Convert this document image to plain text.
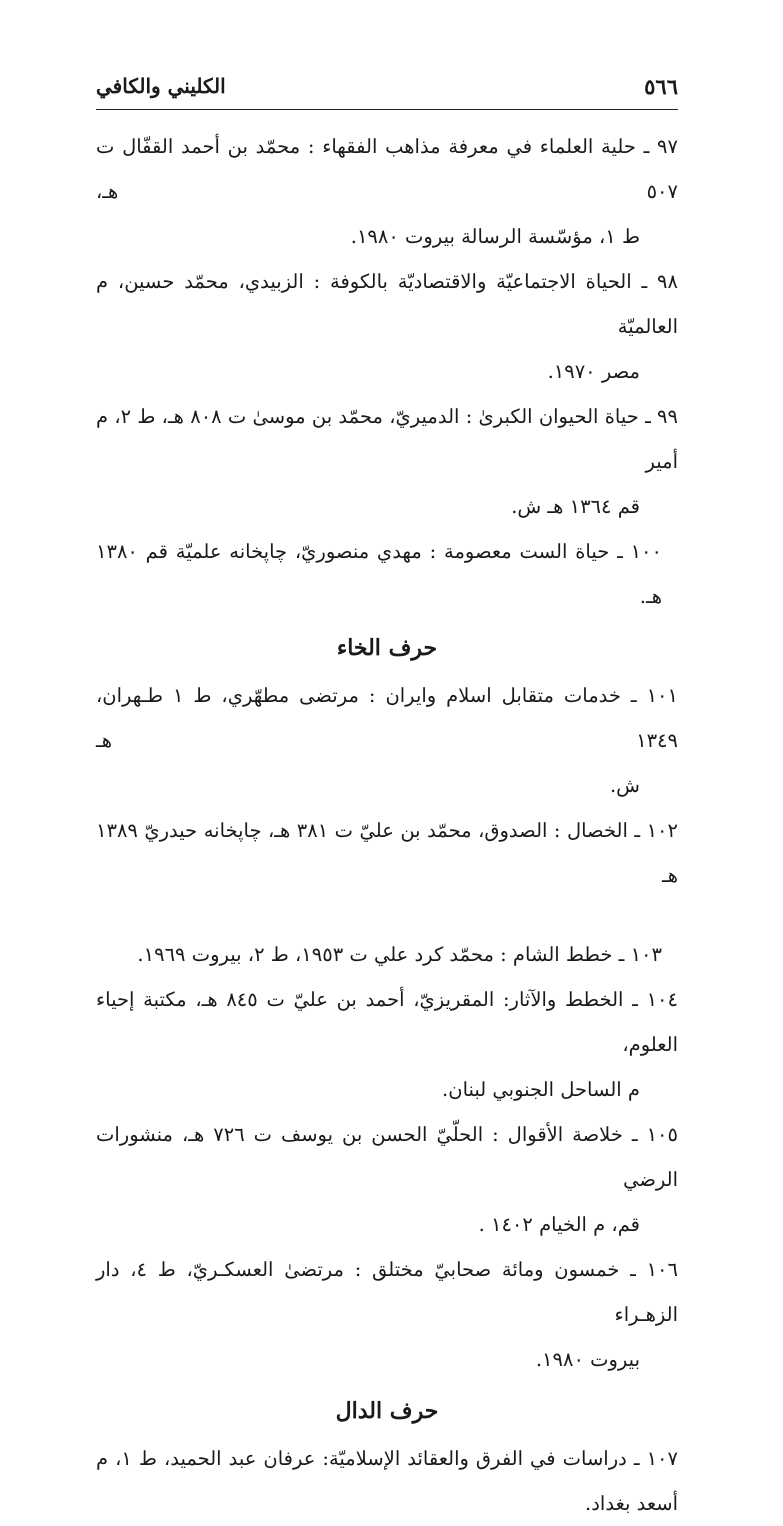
٥٦٦
الكليني والكافي

٩٧ ـ حلية العلماء في معرفة مذاهب الفقهاء : محمّد بن أحمد القفّال ت ٥٠٧ هـ،
ط ١، مؤسّسة الرسالة بيروت ١٩٨٠.

٩٨ ـ الحياة الاجتماعيّة والاقتصاديّة بالكوفة : الزبيدي، محمّد حسين، م العالميّة
مصر ١٩٧٠.

٩٩ ـ حياة الحيوان الكبرىٰ : الدميريّ، محمّد بن موسىٰ ت ٨٠٨ هـ، ط ٢، م أمير
قم ١٣٦٤ هـ ش.

١٠٠ ـ حياة الست معصومة : مهدي منصوريّ، چاپخانه علميّة قم ١٣٨٠ هـ.

حرف الخاء

١٠١ ـ خدمات متقابل اسلام وايران : مرتضى مطهّري، ط ١ طـهران، ١٣٤٩ هـ
ش.

١٠٢ ـ الخصال : الصدوق، محمّد بن عليّ ت ٣٨١ هـ، چاپخانه حيدريّ ١٣٨٩ هـ

١٠٣ ـ خطط الشام : محمّد كرد علي ت ١٩٥٣، ط ٢، بيروت ١٩٦٩.

١٠٤ ـ الخطط والآثار: المقريزيّ، أحمد بن عليّ ت ٨٤٥ هـ، مكتبة إحياء العلوم،
م الساحل الجنوبي لبنان.

١٠٥ ـ خلاصة الأقوال : الحلّيّ الحسن بن يوسف ت ٧٢٦ هـ، منشورات الرضي
قم، م الخيام ١٤٠٢ .

١٠٦ ـ خمسون ومائة صحابيّ مختلق : مرتضىٰ العسكـريّ، ط ٤، دار الزهـراء
بيروت ١٩٨٠.

حرف الدال

١٠٧ ـ دراسات في الفرق والعقائد الإسلاميّة: عرفان عبد الحميد، ط ١، م أسعد بغداد.
